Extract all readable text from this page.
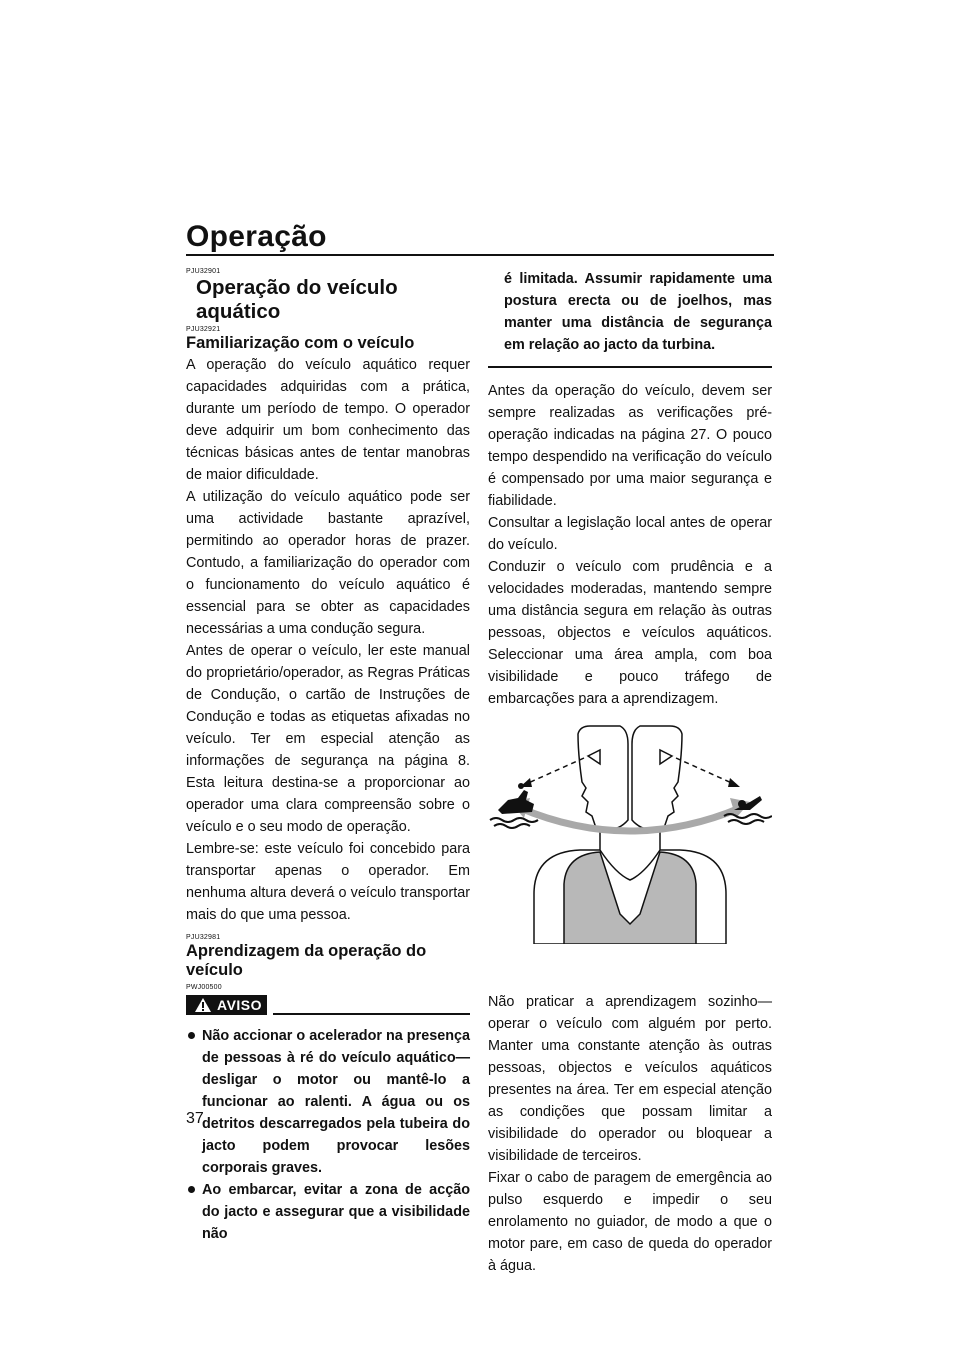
Operação
PJU32901
Operação do veículo aquático
PJU32921
Familiarização com o veículo

A operação do veículo aquático requer capacidades adquiridas com a prática, durante um período de tempo. O operador deve adquirir um bom conhecimento das técnicas básicas antes de tentar manobras de maior dificuldade.

A utilização do veículo aquático pode ser uma actividade bastante aprazível, permitindo ao operador horas de prazer. Contudo, a familiarização do operador com o funcionamento do veículo aquático é essencial para se obter as capacidades necessárias a uma condução segura.

Antes de operar o veículo, ler este manual do proprietário/operador, as Regras Práticas de Condução, o cartão de Instruções de Condução e todas as etiquetas afixadas no veículo. Ter em especial atenção as informações de segurança na página 8. Esta leitura destina-se a proporcionar ao operador uma clara compreensão sobre o veículo e o seu modo de operação.

Lembre-se: este veículo foi concebido para transportar apenas o operador. Em nenhuma altura deverá o veículo transportar mais do que uma pessoa.

PJU32981
Aprendizagem da operação do veículo
PWJ00500
AVISO
Não accionar o acelerador na presença de pessoas à ré do veículo aquático—desligar o motor ou mantê-lo a funcionar ao ralenti. A água ou os detritos descarregados pela tubeira do jacto podem provocar lesões corporais graves.
Ao embarcar, evitar a zona de acção do jacto e assegurar que a visibilidade não
é limitada. Assumir rapidamente uma postura erecta ou de joelhos, mas manter uma distância de segurança em relação ao jacto da turbina.

Antes da operação do veículo, devem ser sempre realizadas as verificações pré-operação indicadas na página 27. O pouco tempo despendido na verificação do veículo é compensado por uma maior segurança e fiabilidade.

Consultar a legislação local antes de operar do veículo.

Conduzir o veículo com prudência e a velocidades moderadas, mantendo sempre uma distância segura em relação às outras pessoas, objectos e veículos aquáticos. Seleccionar uma área ampla, com boa visibilidade e pouco tráfego de embarcações para a aprendizagem.

Não praticar a aprendizagem sozinho—operar o veículo com alguém por perto. Manter uma constante atenção às outras pessoas, objectos e veículos aquáticos presentes na área. Ter em especial atenção as condições que possam limitar a visibilidade do operador ou bloquear a visibilidade de terceiros.

Fixar o cabo de paragem de emergência ao pulso esquerdo e impedir o seu enrolamento no guiador, de modo a que o motor pare, em caso de queda do operador à água.

37
